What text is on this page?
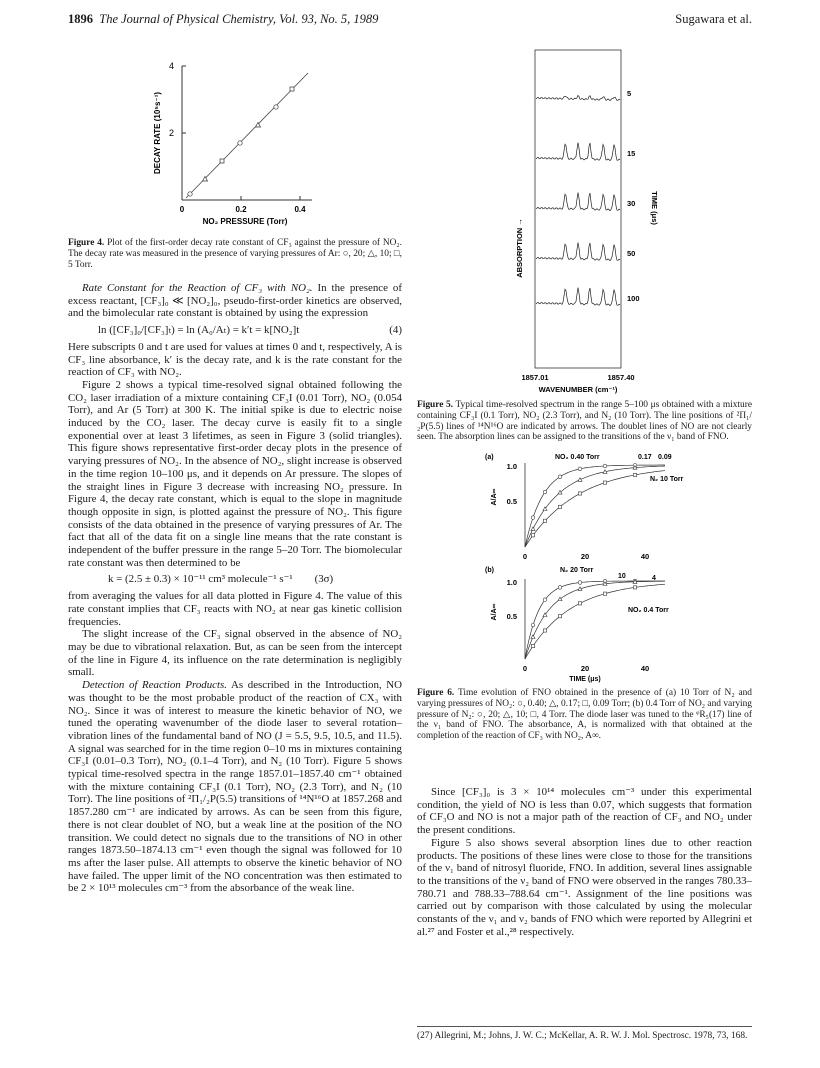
1896 The Journal of Physical Chemistry, Vol. 93, No. 5, 1989	Sugawara et al.
2
4
0	0.2	0.4
NO₂ PRESSURE (Torr)
DECAY RATE (10⁵s⁻¹)
Figure 4. Plot of the first-order decay rate constant of CF₃ against the pressure of NO₂. The decay rate was measured in the presence of varying pressures of Ar: ○, 20; △, 10; □, 5 Torr.

Rate Constant for the Reaction of CF₃ with NO₂. In the presence of excess reactant, [CF₃]₀ ≪ [NO₂]₀, pseudo-first-order kinetics are observed, and the bimolecular rate constant is obtained by using the expression

ln ([CF₃]₀/[CF₃]ₜ) = ln (A₀/Aₜ) = k′t = k[NO₂]t	(4)

Here subscripts 0 and t are used for values at times 0 and t, respectively, A is CF₃ line absorbance, k′ is the decay rate, and k is the rate constant for the reaction of CF₃ with NO₂.

Figure 2 shows a typical time-resolved signal obtained following the CO₂ laser irradiation of a mixture containing CF₃I (0.01 Torr), NO₂ (0.054 Torr), and Ar (5 Torr) at 300 K. The initial spike is due to electric noise induced by the CO₂ laser. The decay curve is easily fit to a single exponential over at least 3 lifetimes, as seen in Figure 3 (solid triangles). This figure shows representative first-order decay plots in the presence of varying pressures of NO₂. In the absence of NO₂, slight increase is observed in the time region 10–100 μs, and it depends on Ar pressure. The slopes of the straight lines in Figure 3 decrease with increasing NO₂ pressure. In Figure 4, the decay rate constant, which is equal to the slope in magnitude though opposite in sign, is plotted against the pressure of NO₂. This figure consists of the data obtained in the presence of varying pressures of Ar. The fact that all of the data fit on a single line means that the rate constant is independent of the buffer pressure in the range 5–20 Torr. The biomolecular rate constant was then determined to be

k = (2.5 ± 0.3) × 10⁻¹¹ cm³ molecule⁻¹ s⁻¹ (3σ)

from averaging the values for all data plotted in Figure 4. The value of this rate constant implies that CF₃ reacts with NO₂ at near gas kinetic collision frequencies.

The slight increase of the CF₃ signal observed in the absence of NO₂ may be due to vibrational relaxation. But, as can be seen from the intercept of the line in Figure 4, its influence on the rate determination is negligibly small.

Detection of Reaction Products. As described in the Introduction, NO was thought to be the most probable product of the reaction of CX₃ with NO₂. Since it was of interest to measure the kinetic behavior of NO, we tuned the operating wavenumber of the diode laser to several rotation–vibration lines of the fundamental band of NO (J = 5.5, 9.5, 10.5, and 11.5). A signal was searched for in the time region 0–10 ms in mixtures containing CF₃I (0.01–0.3 Torr), NO₂ (0.1–4 Torr), and N₂ (10 Torr). Figure 5 shows typical time-resolved spectra in the range 1857.01–1857.40 cm⁻¹ obtained with the mixture containing CF₃I (0.1 Torr), NO₂ (2.3 Torr), and N₂ (10 Torr). The line positions of ²Π₁/₂P(5.5) transitions of ¹⁴N¹⁶O at 1857.268 and 1857.280 cm⁻¹ are indicated by arrows. As can be seen from this figure, there is not clear doublet of NO, but a weak line at the position of the NO transition. We could detect no signals due to the transitions of NO in other ranges 1873.50–1874.13 cm⁻¹ even though the signal was followed for 10 ms after the laser pulse. All attempts to observe the kinetic behavior of NO have failed. The upper limit of the NO concentration was then estimated to be 2 × 10¹³ molecules cm⁻³ from the absorbance of the weak line.

5
15
30
50
100
ABSORPTION →
TIME (μs)
1857.01	1857.40
WAVENUMBER (cm⁻¹)
Figure 5. Typical time-resolved spectrum in the range 5–100 μs obtained with a mixture containing CF₃I (0.1 Torr), NO₂ (2.3 Torr), and N₂ (10 Torr). The line positions of ²Π₁/₂P(5.5) lines of ¹⁴N¹⁶O are indicated by arrows. The doublet lines of NO are not clearly seen. The absorption lines can be assigned to the transitions of the ν₁ band of FNO.
(a)	NO₂ 0.40 Torr	0.17 0.09
N₂ 10 Torr
1.0
0.5
A/A∞
0	20	40
(b)	N₂ 20 Torr
10	4
NO₂ 0.4 Torr
1.0
0.5
A/A∞
0	20	40
TIME (μs)
Figure 6. Time evolution of FNO obtained in the presence of (a) 10 Torr of N₂ and varying pressures of NO₂: ○, 0.40; △, 0.17; □, 0.09 Torr; (b) 0.4 Torr of NO₂ and varying pressure of N₂: ○, 20; △, 10; □, 4 Torr. The diode laser was tuned to the ᵠR₅(17) line of the ν₁ band of FNO. The absorbance, A, is normalized with that obtained at the completion of the reaction of CF₃ with NO₂, A∞.

Since [CF₃]₀ is 3 × 10¹⁴ molecules cm⁻³ under this experimental condition, the yield of NO is less than 0.07, which suggests that formation of CF₃O and NO is not a major path of the reaction of CF₃ and NO₂ under the present conditions.

Figure 5 also shows several absorption lines due to other reaction products. The positions of these lines were close to those for the transitions of the ν₁ band of nitrosyl fluoride, FNO. In addition, several lines assignable to the transitions of the ν₂ band of FNO were observed in the ranges 780.33–780.71 and 788.33–788.64 cm⁻¹. Assignment of the line positions was carried out by comparison with those calculated by using the molecular constants of the ν₁ and ν₂ bands of FNO which were reported by Allegrini et al.²⁷ and Foster et al.,²⁸ respectively.

(27) Allegrini, M.; Johns, J. W. C.; McKellar, A. R. W. J. Mol. Spectrosc. 1978, 73, 168.
